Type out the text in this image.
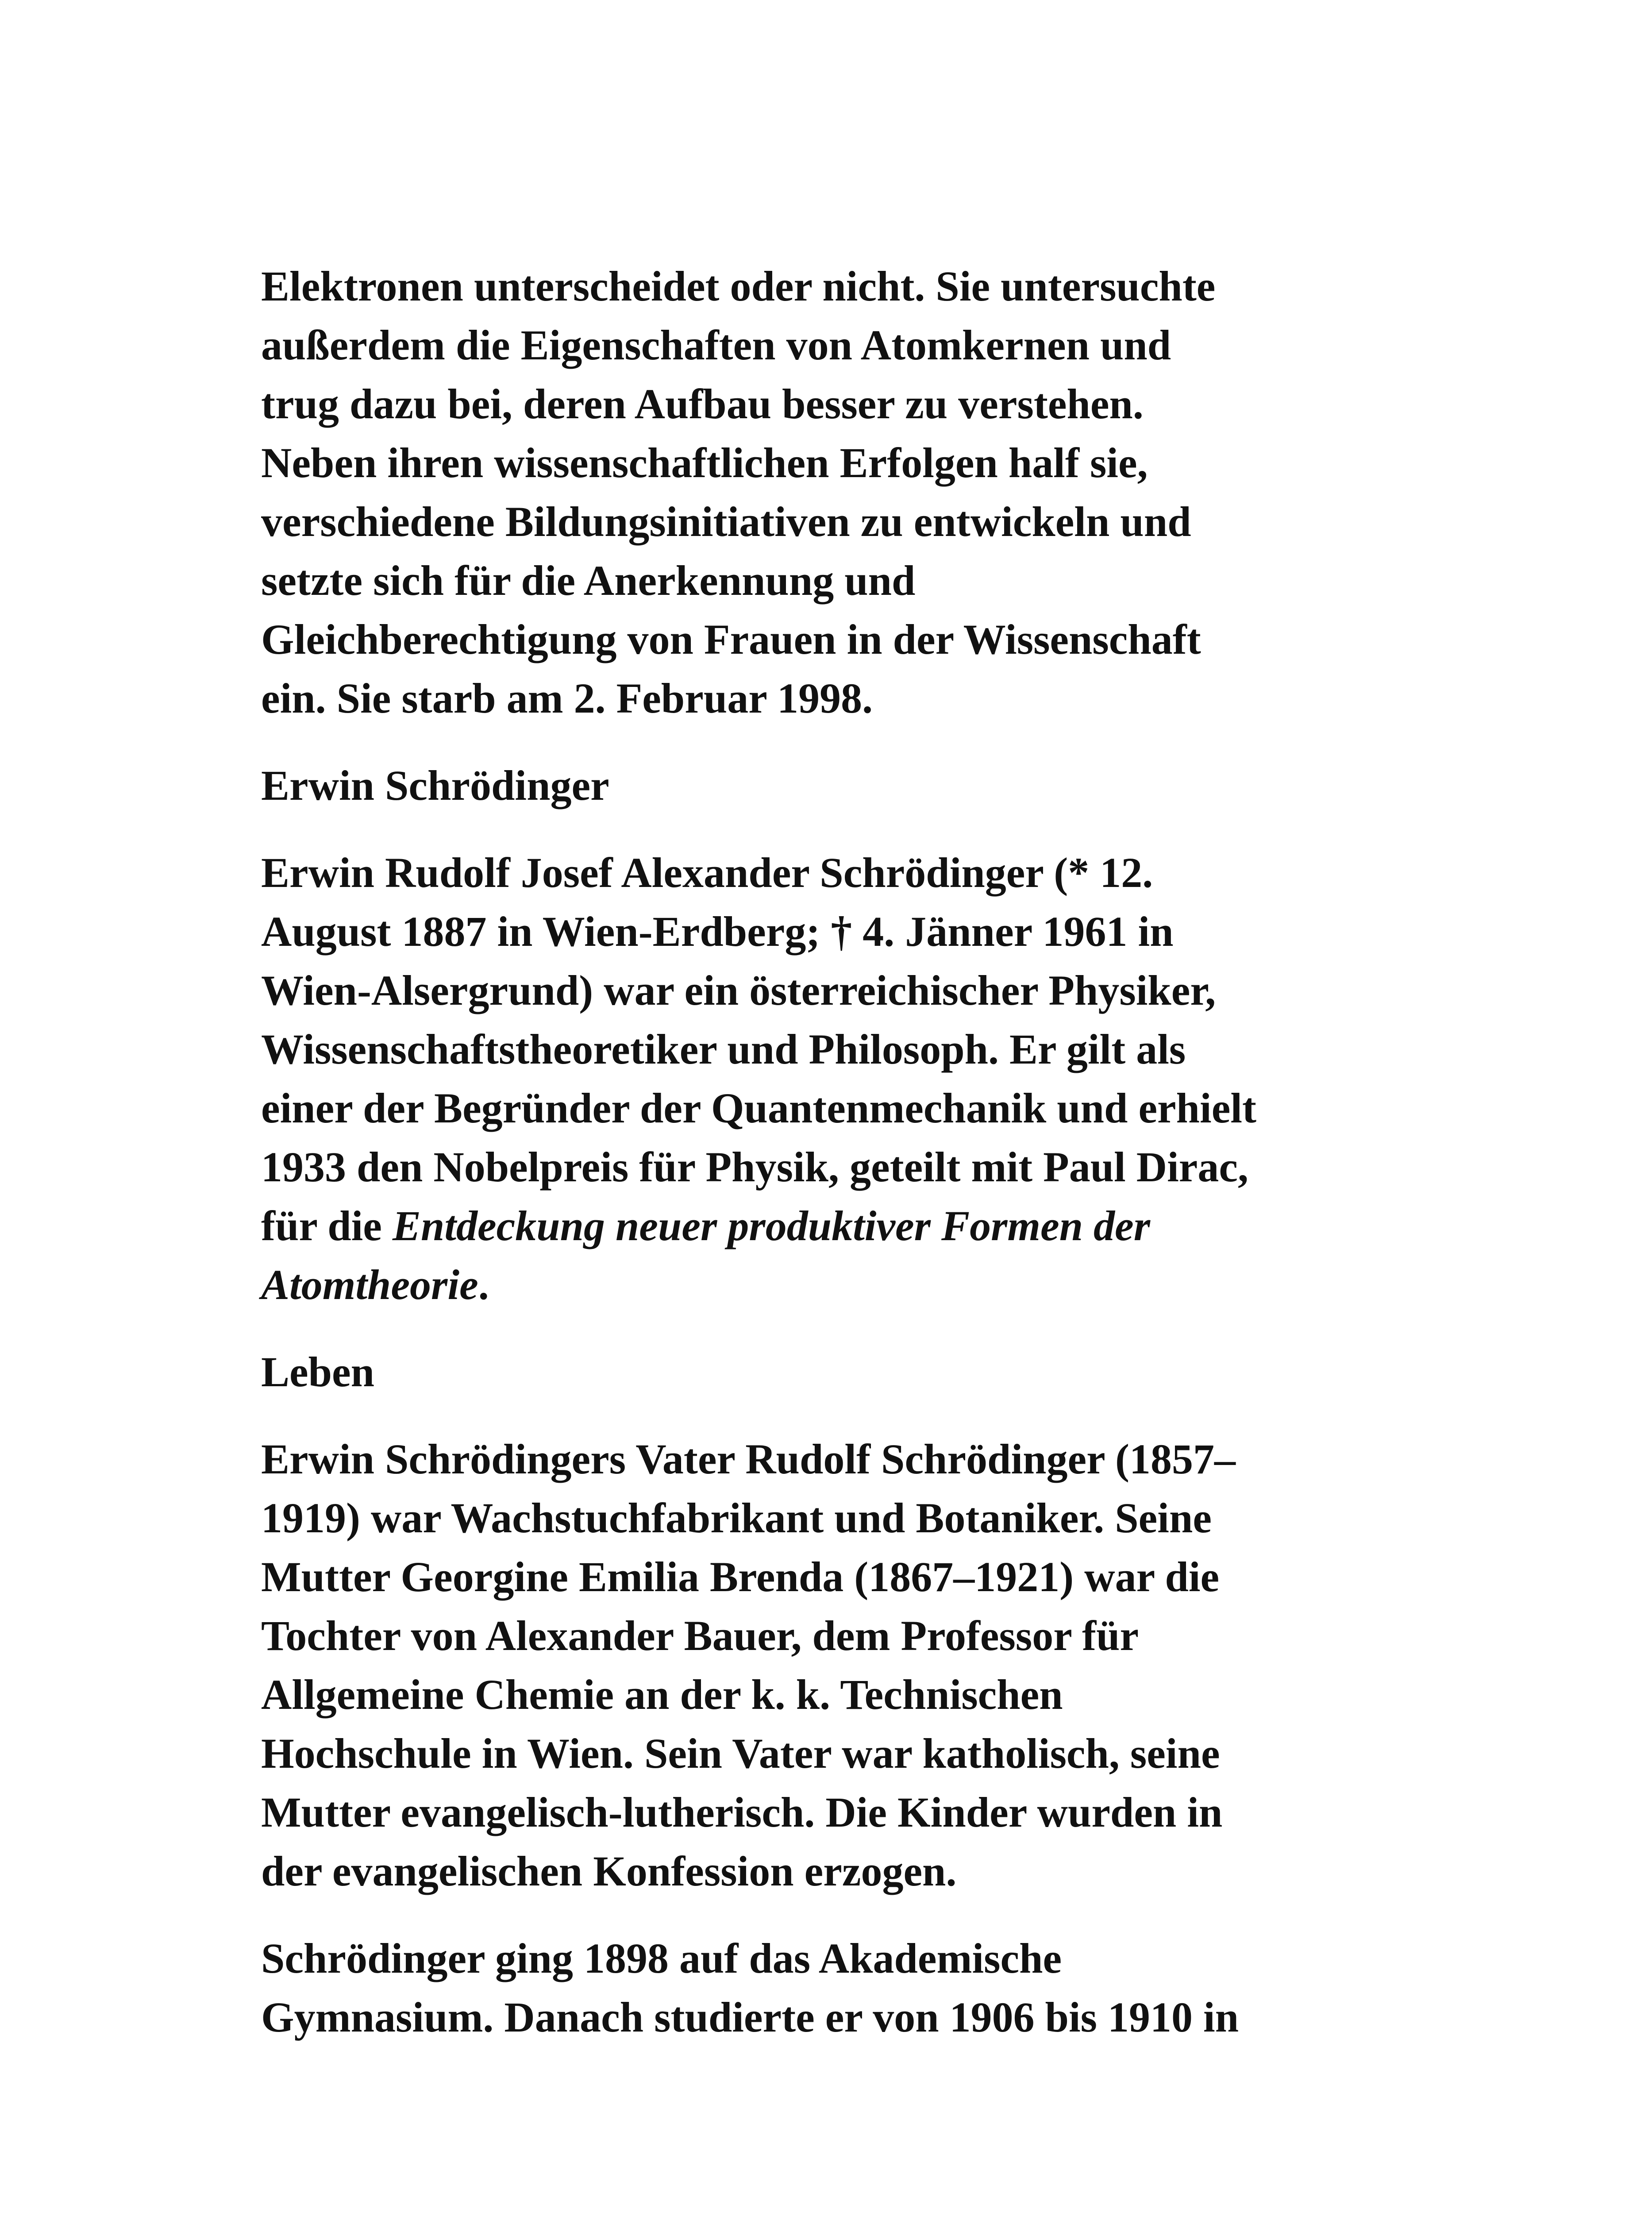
Elektronen unterscheidet oder nicht. Sie untersuchte
außerdem die Eigenschaften von Atomkernen und
trug dazu bei, deren Aufbau besser zu verstehen.
Neben ihren wissenschaftlichen Erfolgen half sie,
verschiedene Bildungsinitiativen zu entwickeln und
setzte sich für die Anerkennung und
Gleichberechtigung von Frauen in der Wissenschaft
ein. Sie starb am 2. Februar 1998.

Erwin Schrödinger

Erwin Rudolf Josef Alexander Schrödinger (* 12.
August 1887 in Wien-Erdberg; † 4. Jänner 1961 in
Wien-Alsergrund) war ein österreichischer Physiker,
Wissenschaftstheoretiker und Philosoph. Er gilt als
einer der Begründer der Quantenmechanik und erhielt
1933 den Nobelpreis für Physik, geteilt mit Paul Dirac,
für die Entdeckung neuer produktiver Formen der
Atomtheorie.

Leben

Erwin Schrödingers Vater Rudolf Schrödinger (1857–
1919) war Wachstuchfabrikant und Botaniker. Seine
Mutter Georgine Emilia Brenda (1867–1921) war die
Tochter von Alexander Bauer, dem Professor für
Allgemeine Chemie an der k. k. Technischen
Hochschule in Wien. Sein Vater war katholisch, seine
Mutter evangelisch-lutherisch. Die Kinder wurden in
der evangelischen Konfession erzogen.

Schrödinger ging 1898 auf das Akademische
Gymnasium. Danach studierte er von 1906 bis 1910 in
